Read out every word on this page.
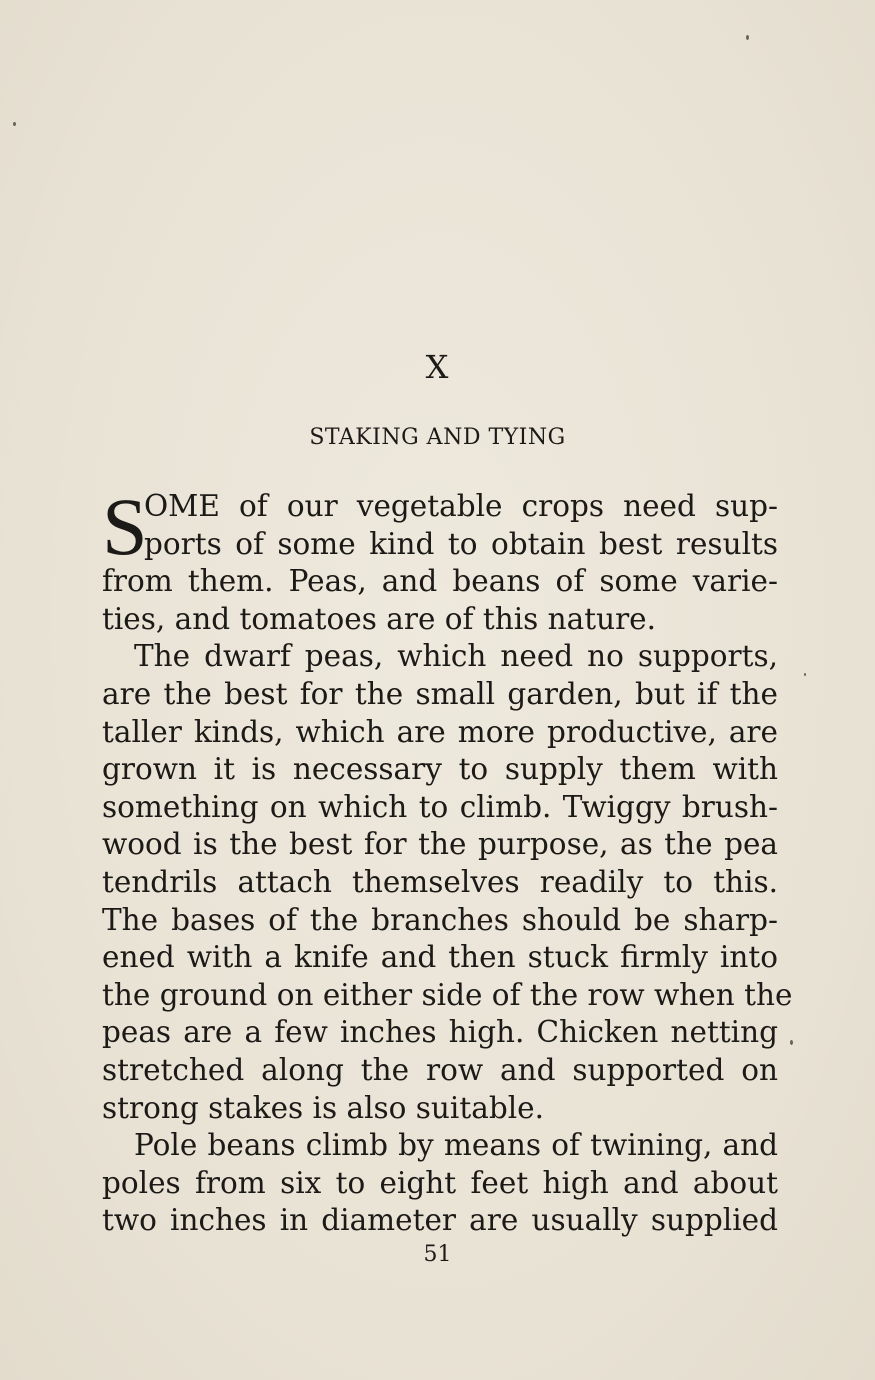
X
STAKING AND TYING
S
OME of our vegetable crops need sup-
ports of some kind to obtain best results
from them. Peas, and beans of some varie-
ties, and tomatoes are of this nature.
The dwarf peas, which need no supports,
are the best for the small garden, but if the
taller kinds, which are more productive, are
grown it is necessary to supply them with
something on which to climb. Twiggy brush-
wood is the best for the purpose, as the pea
tendrils attach themselves readily to this.
The bases of the branches should be sharp-
ened with a knife and then stuck firmly into
the ground on either side of the row when the
peas are a few inches high. Chicken netting
stretched along the row and supported on
strong stakes is also suitable.
Pole beans climb by means of twining, and
poles from six to eight feet high and about
two inches in diameter are usually supplied
51
